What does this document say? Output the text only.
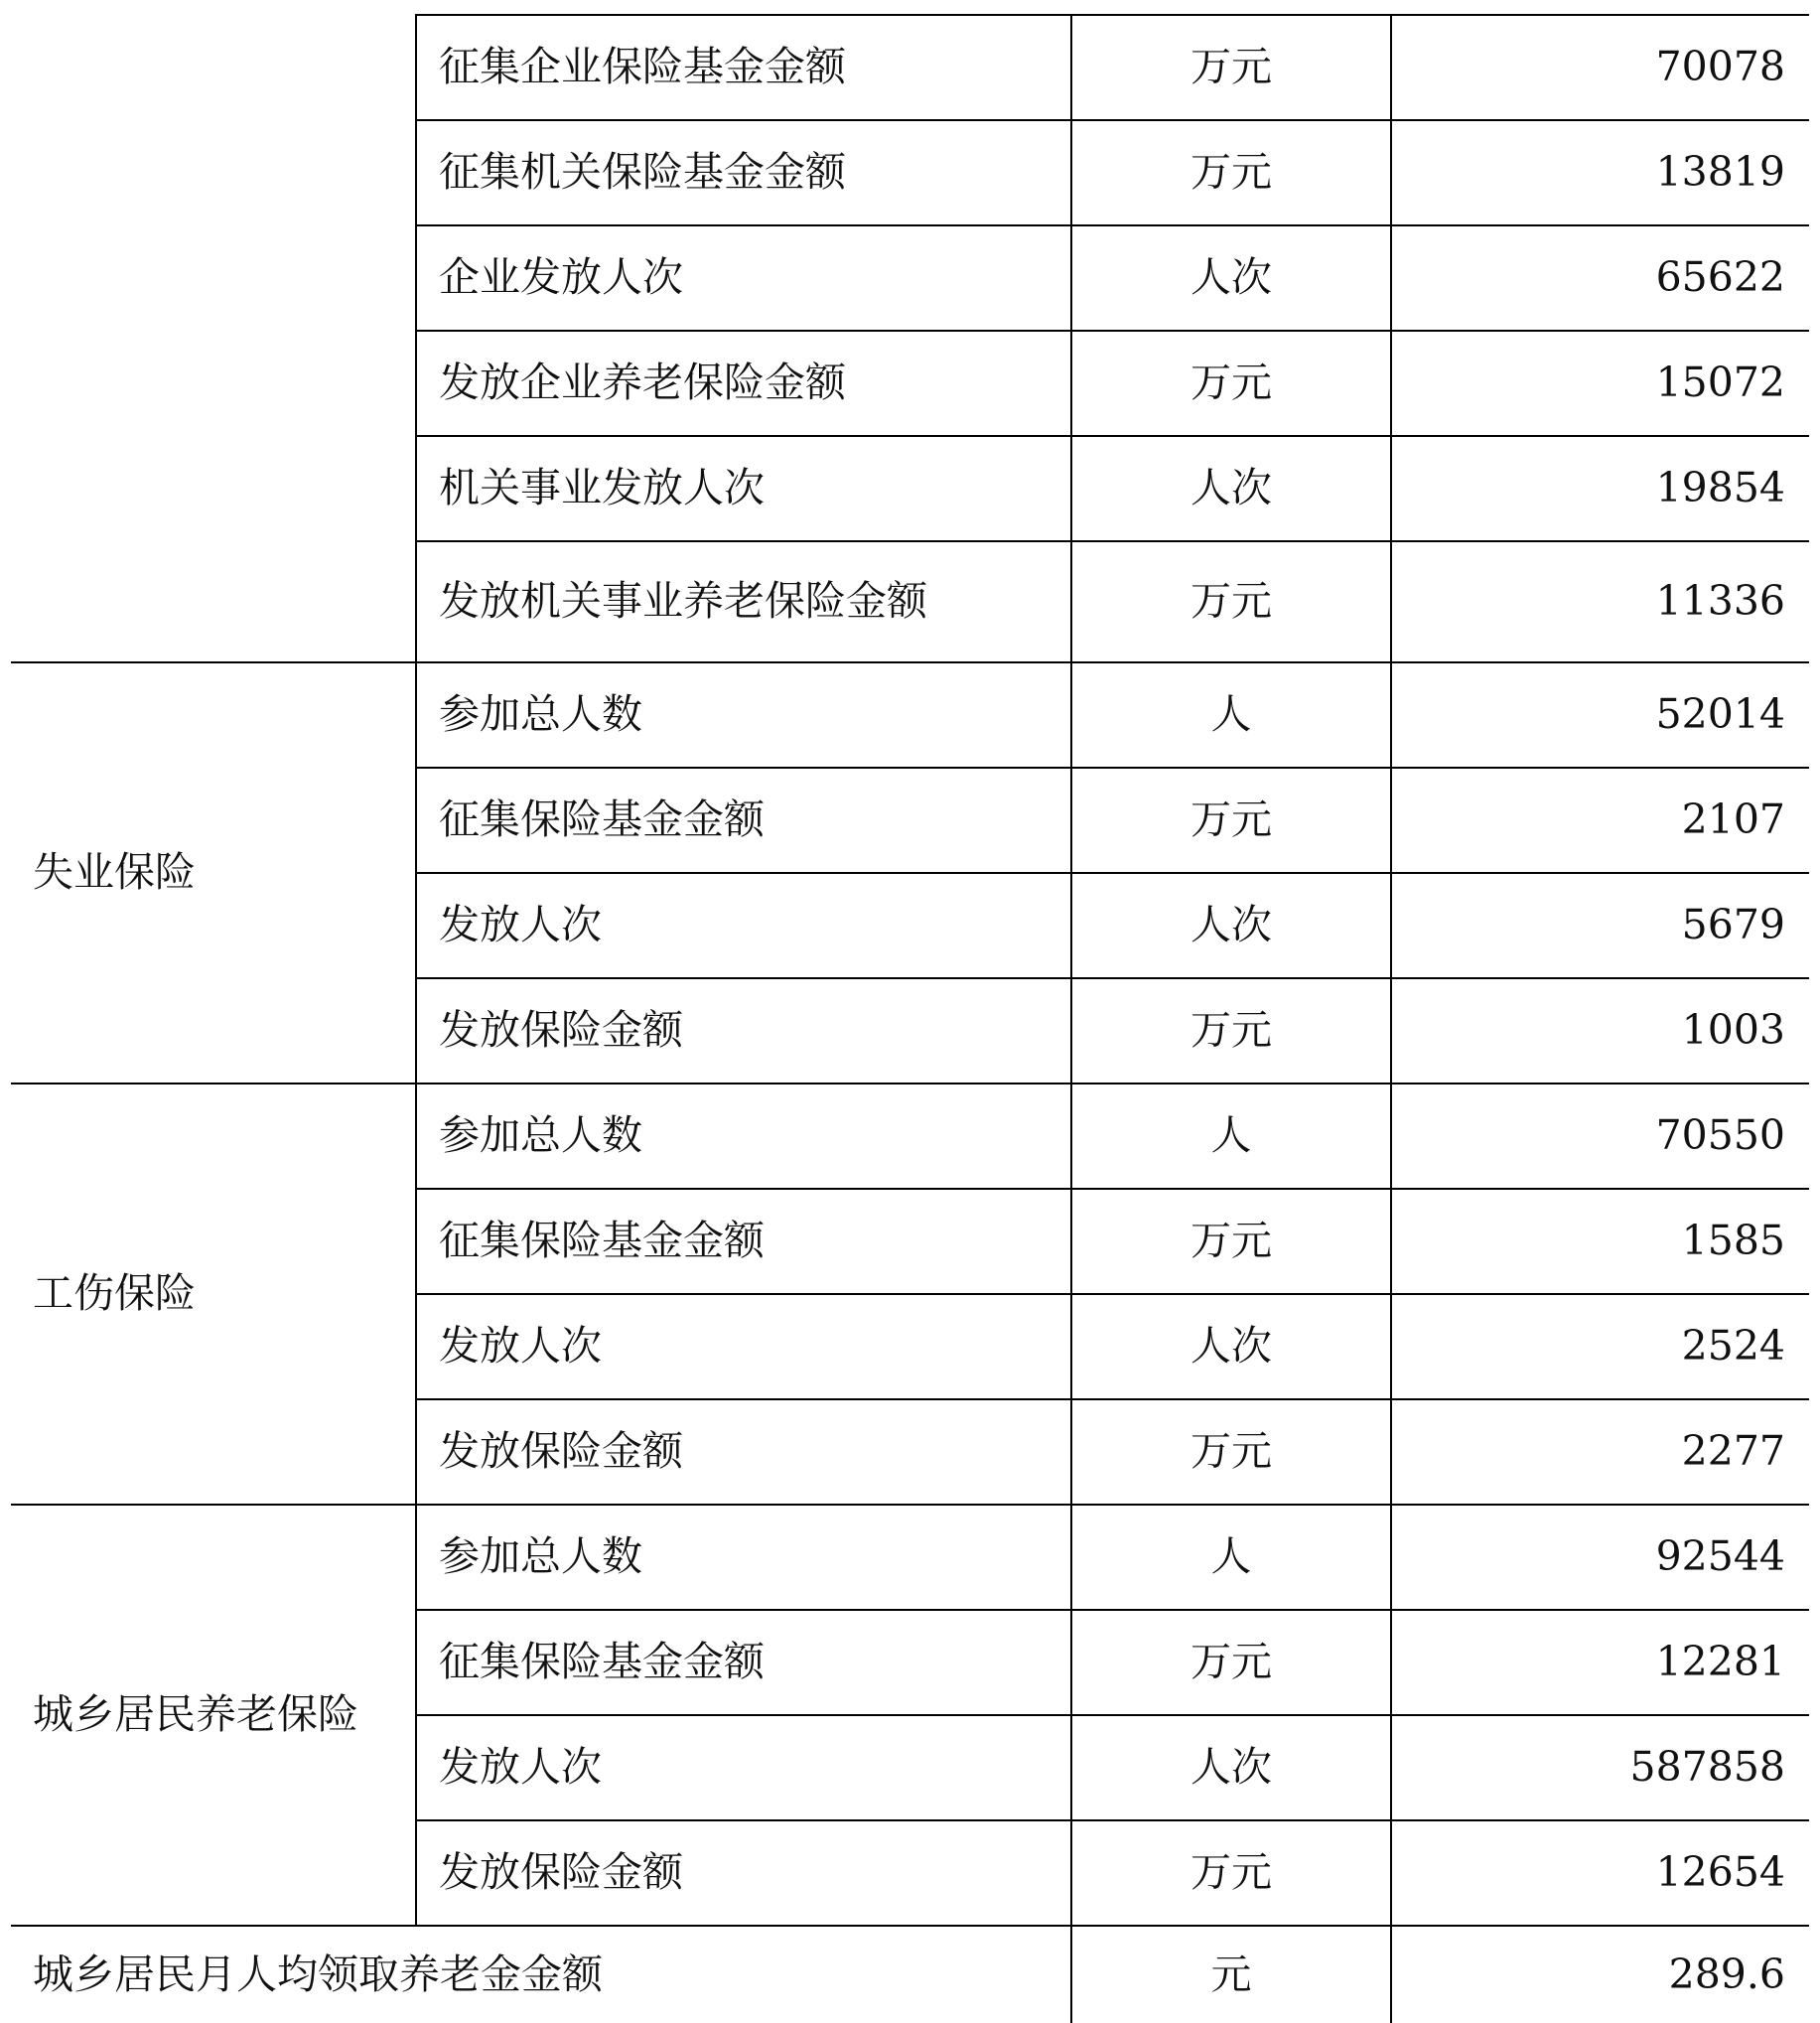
	征集企业保险基金金额	万元	70078
	征集机关保险基金金额	万元	13819
	企业发放人次	人次	65622
	发放企业养老保险金额	万元	15072
	机关事业发放人次	人次	19854
	发放机关事业养老保险金额	万元	11336
失业保险	参加总人数	人	52014
	征集保险基金金额	万元	2107
	发放人次	人次	5679
	发放保险金额	万元	1003
工伤保险	参加总人数	人	70550
	征集保险基金金额	万元	1585
	发放人次	人次	2524
	发放保险金额	万元	2277
城乡居民养老保险	参加总人数	人	92544
	征集保险基金金额	万元	12281
	发放人次	人次	587858
	发放保险金额	万元	12654
城乡居民月人均领取养老金金额		元	289.6
